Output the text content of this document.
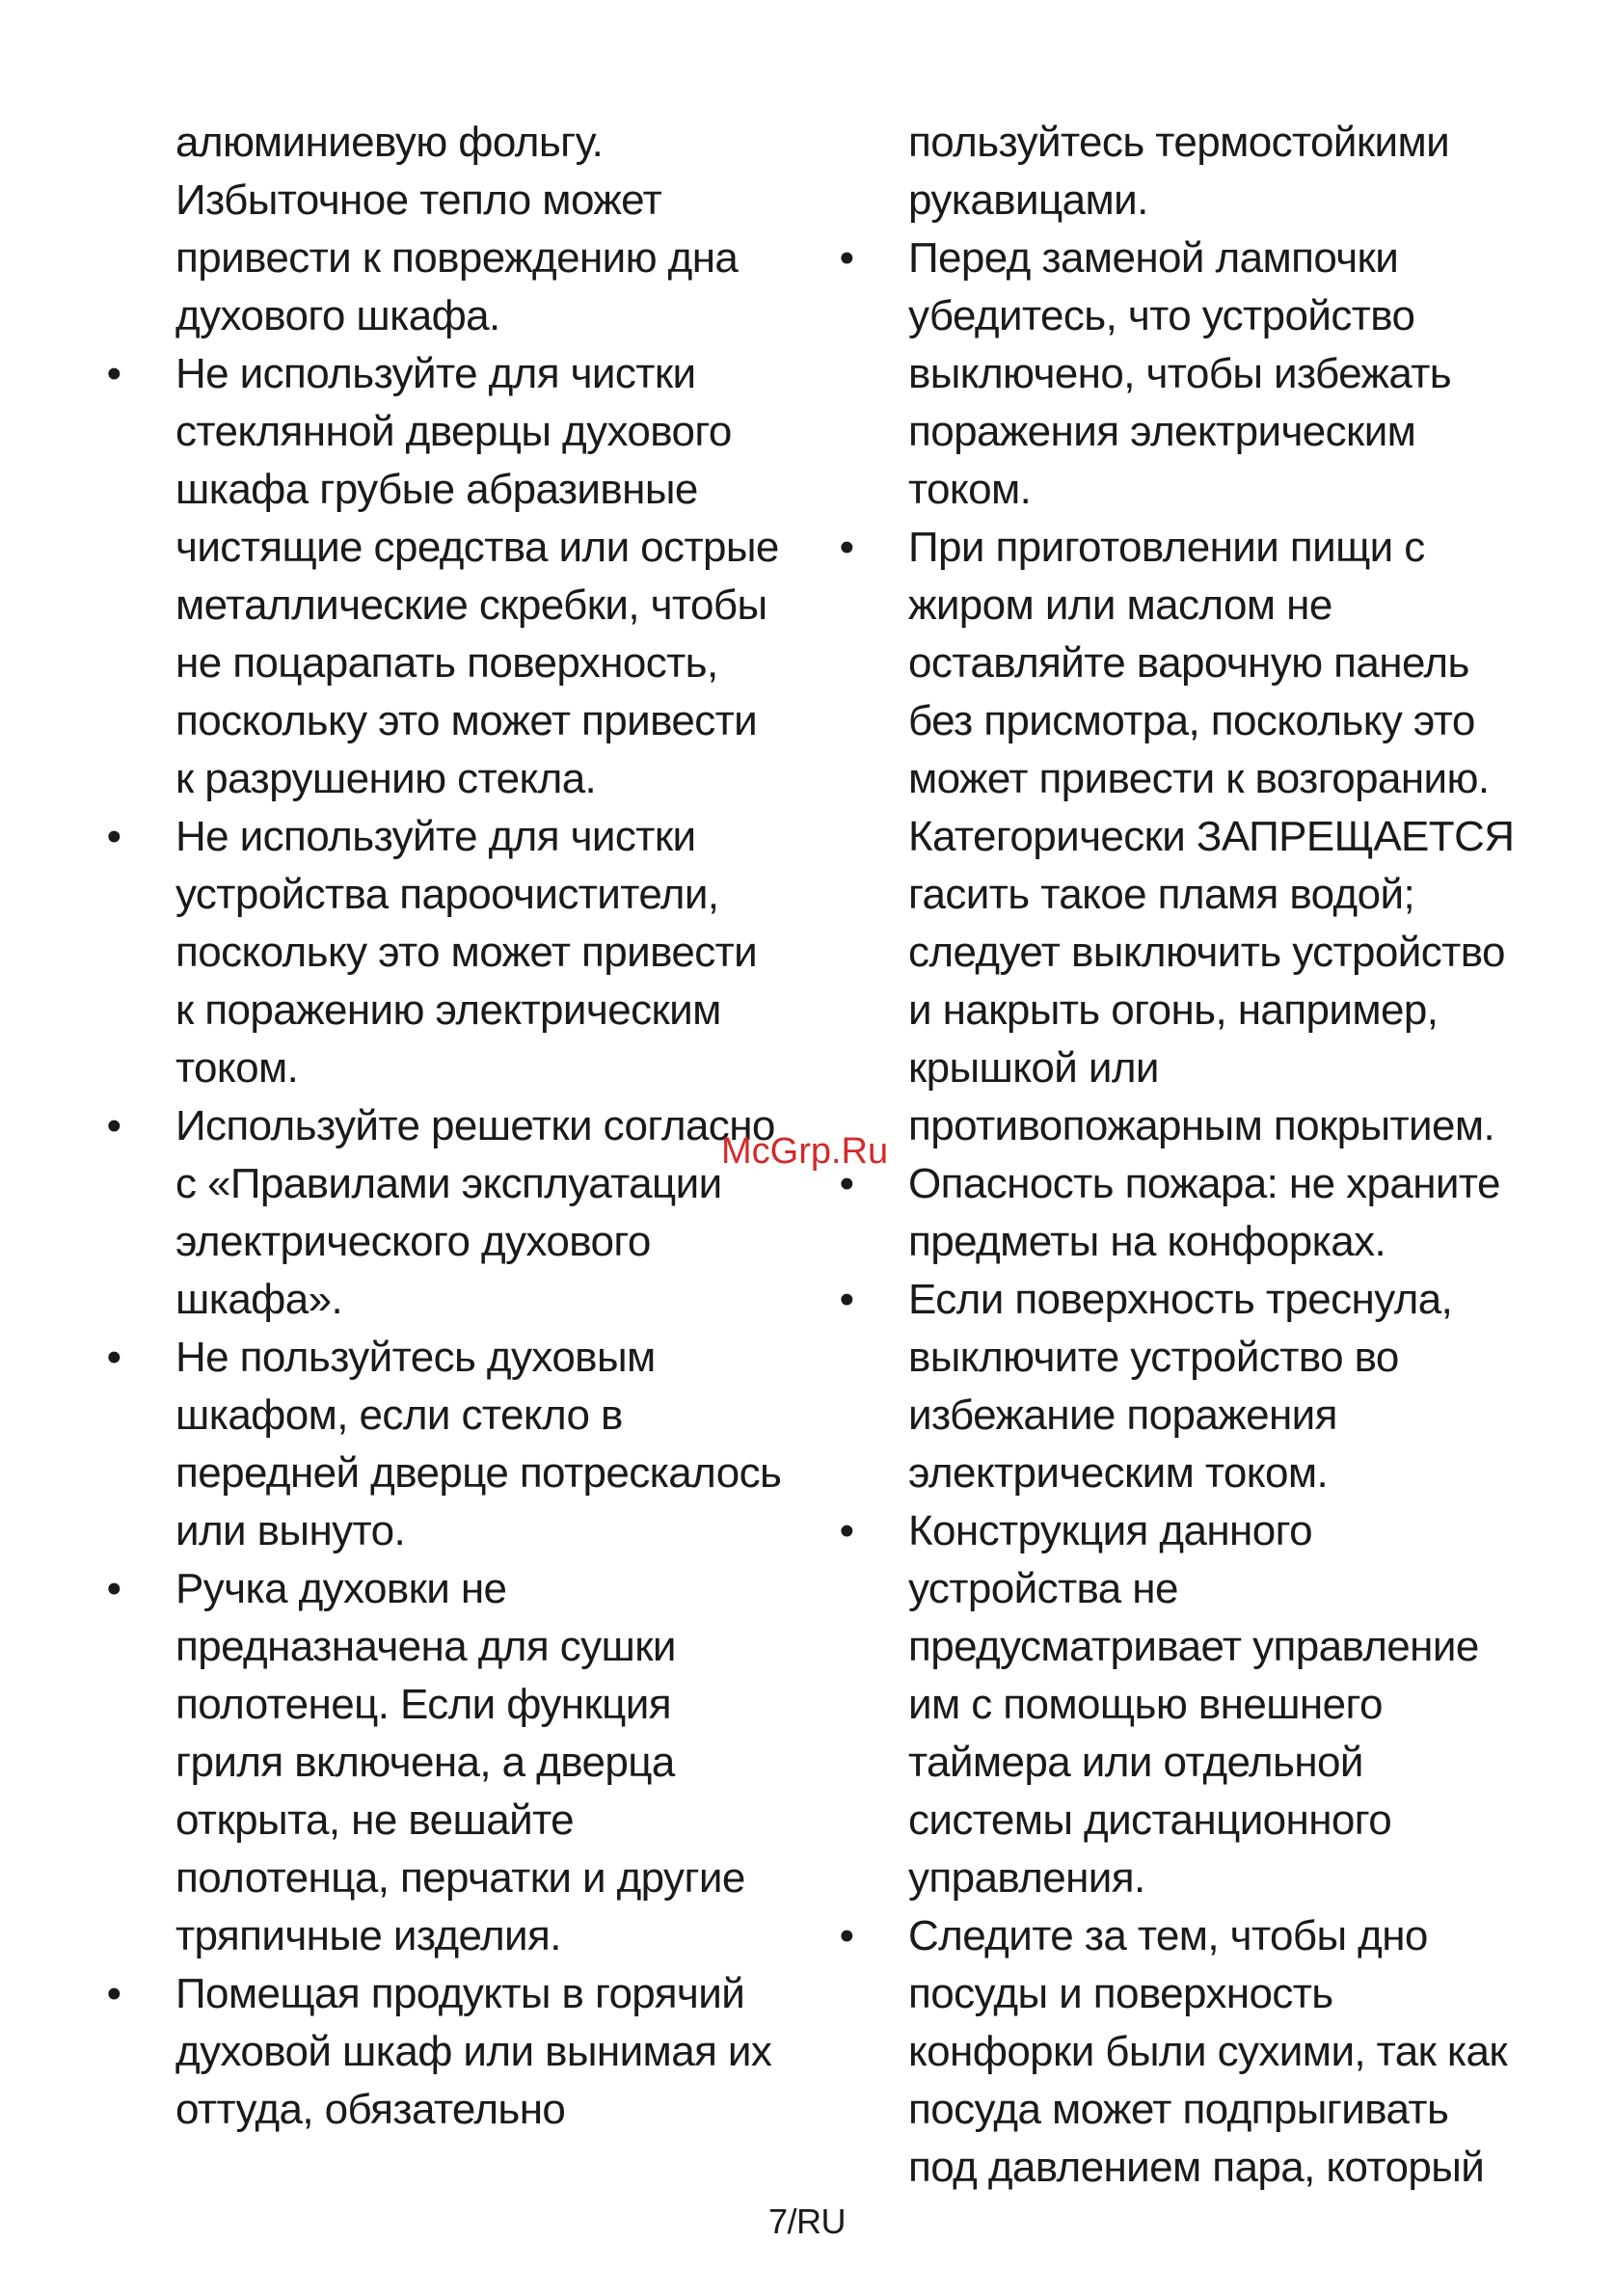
алюминиевую фольгу.
Избыточное тепло может
привести к повреждению дна
духового шкафа.
• Не используйте для чистки
стеклянной дверцы духового
шкафа грубые абразивные
чистящие средства или острые
металлические скребки, чтобы
не поцарапать поверхность,
поскольку это может привести
к разрушению стекла.
• Не используйте для чистки
устройства пароочистители,
поскольку это может привести
к поражению электрическим
током.
• Используйте решетки согласно
с «Правилами эксплуатации
электрического духового
шкафа».
• Не пользуйтесь духовым
шкафом, если стекло в
передней дверце потрескалось
или вынуто.
• Ручка духовки не
предназначена для сушки
полотенец. Если функция
гриля включена, а дверца
открыта, не вешайте
полотенца, перчатки и другие
тряпичные изделия.
• Помещая продукты в горячий
духовой шкаф или вынимая их
оттуда, обязательно
пользуйтесь термостойкими
рукавицами.
• Перед заменой лампочки
убедитесь, что устройство
выключено, чтобы избежать
поражения электрическим
током.
• При приготовлении пищи с
жиром или маслом не
оставляйте варочную панель
без присмотра, поскольку это
может привести к возгоранию.
Категорически ЗАПРЕЩАЕТСЯ
гасить такое пламя водой;
следует выключить устройство
и накрыть огонь, например,
крышкой или
противопожарным покрытием.
• Опасность пожара: не храните
предметы на конфорках.
• Если поверхность треснула,
выключите устройство во
избежание поражения
электрическим током.
• Конструкция данного
устройства не
предусматривает управление
им с помощью внешнего
таймера или отдельной
системы дистанционного
управления.
• Следите за тем, чтобы дно
посуды и поверхность
конфорки были сухими, так как
посуда может подпрыгивать
под давлением пара, который
McGrp.Ru
7/RU
